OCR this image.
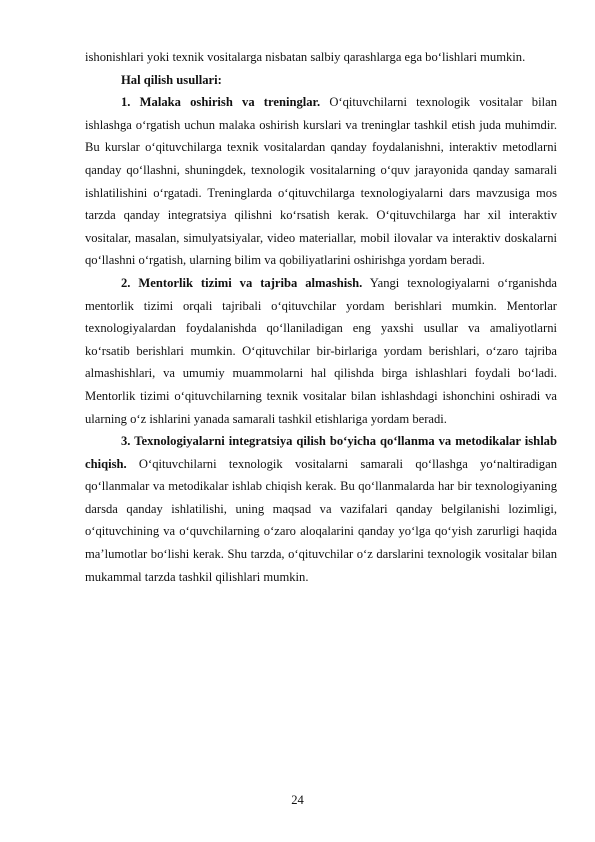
ishonishlari yoki texnik vositalarga nisbatan salbiy qarashlarga ega bo‘lishlari mumkin.

Hal qilish usullari:

1. Malaka oshirish va treninglar. O‘qituvchilarni texnologik vositalar bilan ishlashga o‘rgatish uchun malaka oshirish kurslari va treninglar tashkil etish juda muhimdir. Bu kurslar o‘qituvchilarga texnik vositalardan qanday foydalanishni, interaktiv metodlarni qanday qo‘llashni, shuningdek, texnologik vositalarning o‘quv jarayonida qanday samarali ishlatilishini o‘rgatadi. Treninglarda o‘qituvchilarga texnologiyalarni dars mavzusiga mos tarzda qanday integratsiya qilishni ko‘rsatish kerak. O‘qituvchilarga har xil interaktiv vositalar, masalan, simulyatsiyalar, video materiallar, mobil ilovalar va interaktiv doskalarni qo‘llashni o‘rgatish, ularning bilim va qobiliyatlarini oshirishga yordam beradi.

2. Mentorlik tizimi va tajriba almashish. Yangi texnologiyalarni o‘rganishda mentorlik tizimi orqali tajribali o‘qituvchilar yordam berishlari mumkin. Mentorlar texnologiyalardan foydalanishda qo‘llaniladigan eng yaxshi usullar va amaliyotlarni ko‘rsatib berishlari mumkin. O‘qituvchilar bir-birlariga yordam berishlari, o‘zaro tajriba almashishlari, va umumiy muammolarni hal qilishda birga ishlashlari foydali bo‘ladi. Mentorlik tizimi o‘qituvchilarning texnik vositalar bilan ishlashdagi ishonchini oshiradi va ularning o‘z ishlarini yanada samarali tashkil etishlariga yordam beradi.

3. Texnologiyalarni integratsiya qilish bo‘yicha qo‘llanma va metodikalar ishlab chiqish. O‘qituvchilarni texnologik vositalarni samarali qo‘llashga yo‘naltiradigan qo‘llanmalar va metodikalar ishlab chiqish kerak. Bu qo‘llanmalarda har bir texnologiyaning darsda qanday ishlatilishi, uning maqsad va vazifalari qanday belgilanishi lozimligi, o‘qituvchining va o‘quvchilarning o‘zaro aloqalarini qanday yo‘lga qo‘yish zarurligi haqida ma’lumotlar bo‘lishi kerak. Shu tarzda, o‘qituvchilar o‘z darslarini texnologik vositalar bilan mukammal tarzda tashkil qilishlari mumkin.

24
